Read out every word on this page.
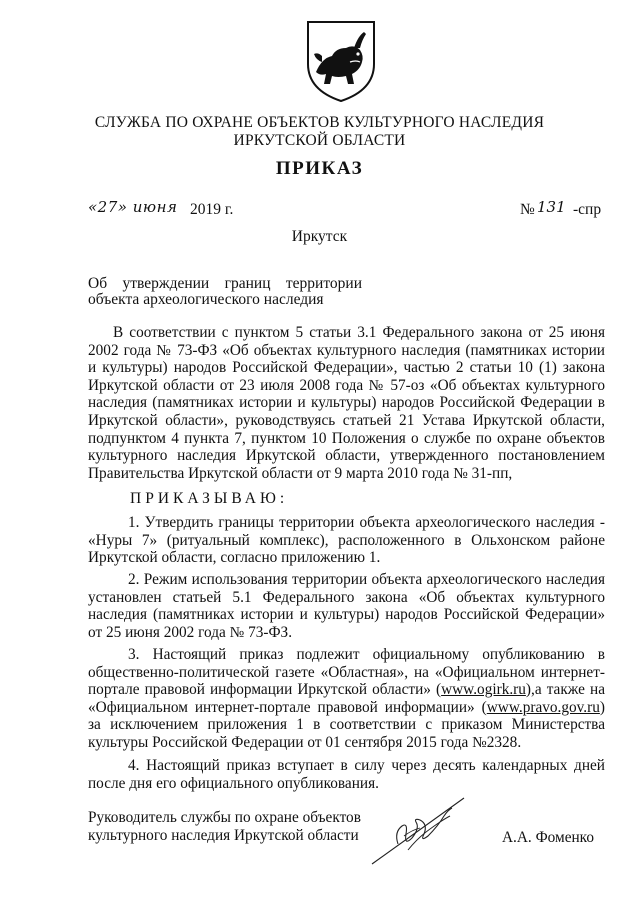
СЛУЖБА ПО ОХРАНЕ ОБЪЕКТОВ КУЛЬТУРНОГО НАСЛЕДИЯ
ИРКУТСКОЙ ОБЛАСТИ
ПРИКАЗ
«27» июня 2019 г.	№ 131 -спр
Иркутск
Об утверждении границ территории
объекта археологического наследия
В соответствии с пунктом 5 статьи 3.1 Федерального закона от 25 июня 2002 года № 73-ФЗ «Об объектах культурного наследия (памятниках истории и культуры) народов Российской Федерации», частью 2 статьи 10 (1) закона Иркутской области от 23 июля 2008 года № 57-оз «Об объектах культурного наследия (памятниках истории и культуры) народов Российской Федерации в Иркутской области», руководствуясь статьей 21 Устава Иркутской области, подпунктом 4 пункта 7, пунктом 10 Положения о службе по охране объектов культурного наследия Иркутской области, утвержденного постановлением Правительства Иркутской области от 9 марта 2010 года № 31-пп,
ПРИКАЗЫВАЮ:
1. Утвердить границы территории объекта археологического наследия - «Нуры 7» (ритуальный комплекс), расположенного в Ольхонском районе Иркутской области, согласно приложению 1.
2. Режим использования территории объекта археологического наследия установлен статьей 5.1 Федерального закона «Об объектах культурного наследия (памятниках истории и культуры) народов Российской Федерации» от 25 июня 2002 года № 73-ФЗ.
3. Настоящий приказ подлежит официальному опубликованию в общественно-политической газете «Областная», на «Официальном интернет-портале правовой информации Иркутской области» (www.ogirk.ru),а также на «Официальном интернет-портале правовой информации» (www.pravo.gov.ru) за исключением приложения 1 в соответствии с приказом Министерства культуры Российской Федерации от 01 сентября 2015 года №2328.
4. Настоящий приказ вступает в силу через десять календарных дней после дня его официального опубликования.
Руководитель службы по охране объектов
культурного наследия Иркутской области	А.А. Фоменко
